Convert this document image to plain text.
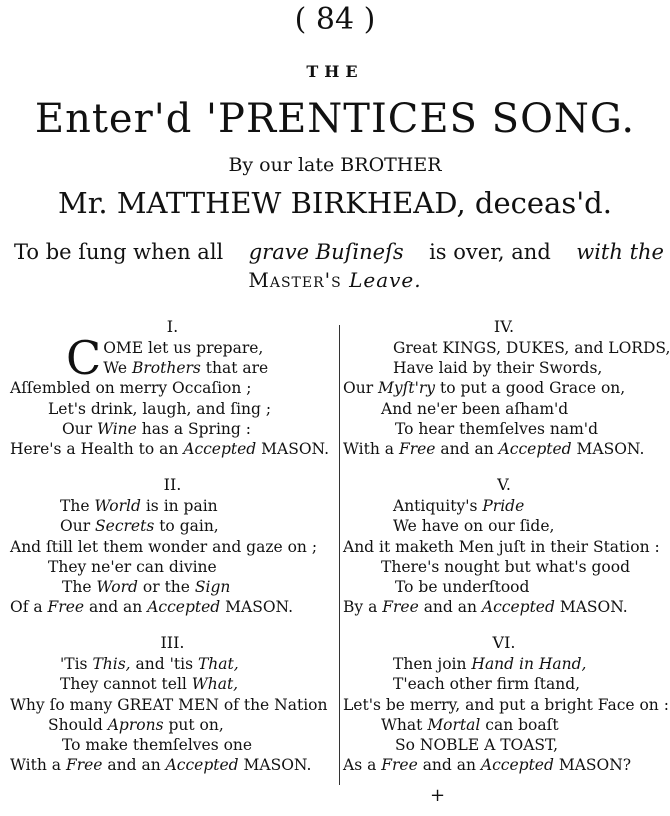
( 84 )
THE
Enter'd 'PRENTICES SONG.
By our late BROTHER
Mr. MATTHEW BIRKHEAD, deceas'd.
To be ſung when all grave Buſineſs is over, and with the
Master's Leave.
I.
COME let us prepare,
We Brothers that are
Aſſembled on merry Occaſion ;
Let's drink, laugh, and ſing ;
Our Wine has a Spring :
Here's a Health to an Accepted MASON.
II.
The World is in pain
Our Secrets to gain,
And ſtill let them wonder and gaze on ;
They ne'er can divine
The Word or the Sign
Of a Free and an Accepted MASON.
III.
'Tis This, and 'tis That,
They cannot tell What,
Why ſo many GREAT MEN of the Nation
Should Aprons put on,
To make themſelves one
With a Free and an Accepted MASON.
IV.
Great KINGS, DUKES, and LORDS,
Have laid by their Swords,
Our Myſt'ry to put a good Grace on,
And ne'er been aſham'd
To hear themſelves nam'd
With a Free and an Accepted MASON.
V.
Antiquity's Pride
We have on our ſide,
And it maketh Men juſt in their Station :
There's nought but what's good
To be underſtood
By a Free and an Accepted MASON.
VI.
Then join Hand in Hand,
T'each other firm ſtand,
Let's be merry, and put a bright Face on :
What Mortal can boaſt
So NOBLE A TOAST,
As a Free and an Accepted MASON?
+
